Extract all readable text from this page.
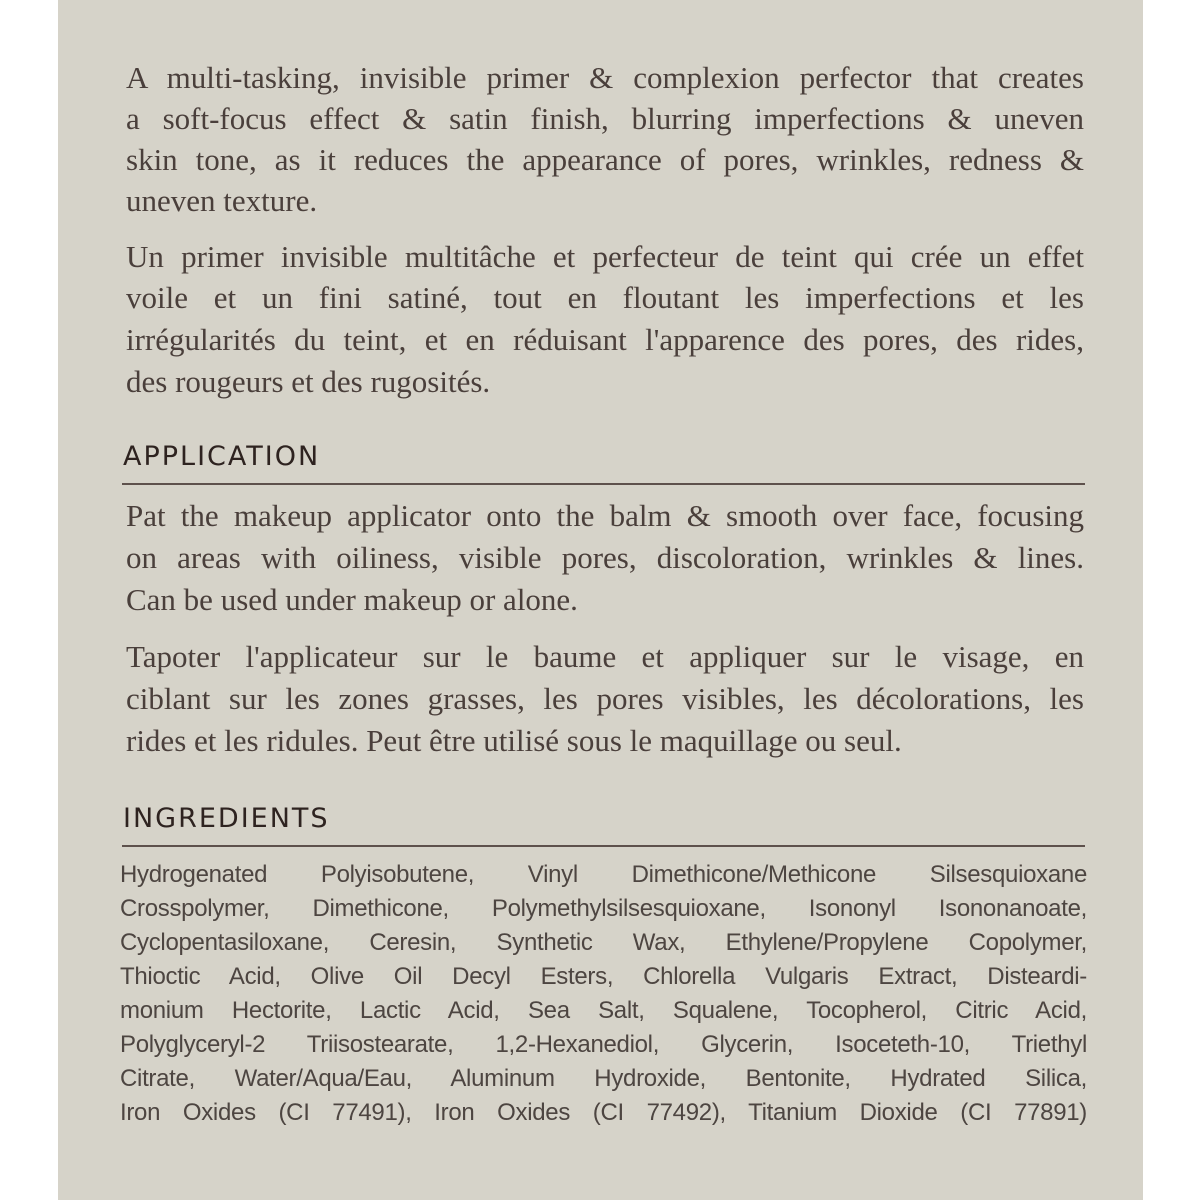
A multi-tasking, invisible primer & complexion perfector that creates
a soft-focus effect & satin finish, blurring imperfections & uneven
skin tone, as it reduces the appearance of pores, wrinkles, redness &
uneven texture.
Un primer invisible multitâche et perfecteur de teint qui crée un effet
voile et un fini satiné, tout en floutant les imperfections et les
irrégularités du teint, et en réduisant l'apparence des pores, des rides,
des rougeurs et des rugosités.
APPLICATION
Pat the makeup applicator onto the balm & smooth over face, focusing
on areas with oiliness, visible pores, discoloration, wrinkles & lines.
Can be used under makeup or alone.
Tapoter l'applicateur sur le baume et appliquer sur le visage, en
ciblant sur les zones grasses, les pores visibles, les décolorations, les
rides et les ridules. Peut être utilisé sous le maquillage ou seul.
INGREDIENTS
Hydrogenated Polyisobutene, Vinyl Dimethicone/Methicone Silsesquioxane
Crosspolymer, Dimethicone, Polymethylsilsesquioxane, Isononyl Isononanoate,
Cyclopentasiloxane, Ceresin, Synthetic Wax, Ethylene/Propylene Copolymer,
Thioctic Acid, Olive Oil Decyl Esters, Chlorella Vulgaris Extract, Disteardi-
monium Hectorite, Lactic Acid, Sea Salt, Squalene, Tocopherol, Citric Acid,
Polyglyceryl-2 Triisostearate, 1,2-Hexanediol, Glycerin, Isoceteth-10, Triethyl
Citrate, Water/Aqua/Eau, Aluminum Hydroxide, Bentonite, Hydrated Silica,
Iron Oxides (CI 77491), Iron Oxides (CI 77492), Titanium Dioxide (CI 77891)
